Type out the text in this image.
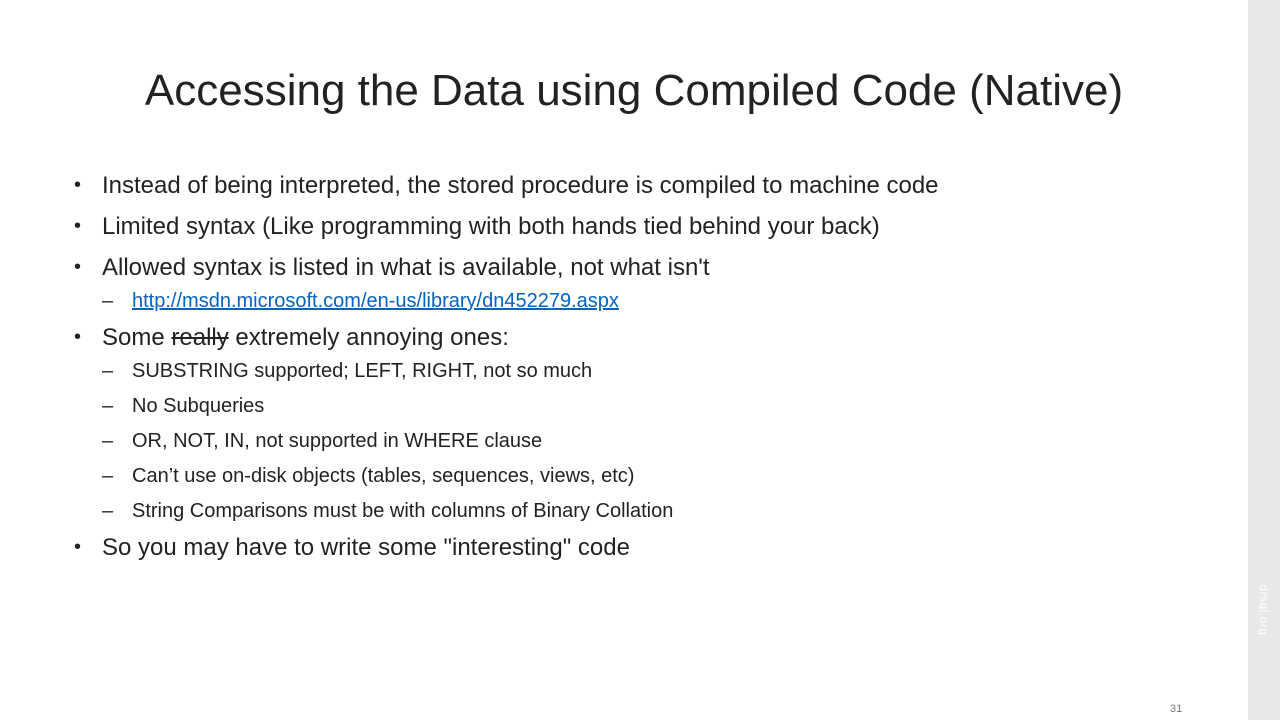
Accessing the Data using Compiled Code (Native)
• Instead of being interpreted, the stored procedure is compiled to machine code
• Limited syntax (Like programming with both hands tied behind your back)
• Allowed syntax is listed in what is available, not what isn't
– http://msdn.microsoft.com/en-us/library/dn452279.aspx
• Some really extremely annoying ones:
– SUBSTRING supported; LEFT, RIGHT, not so much
– No Subqueries
– OR, NOT, IN, not supported in WHERE clause
– Can’t use on-disk objects (tables, sequences, views, etc)
– String Comparisons must be with columns of Binary Collation
• So you may have to write some "interesting" code
31
drsql.org
